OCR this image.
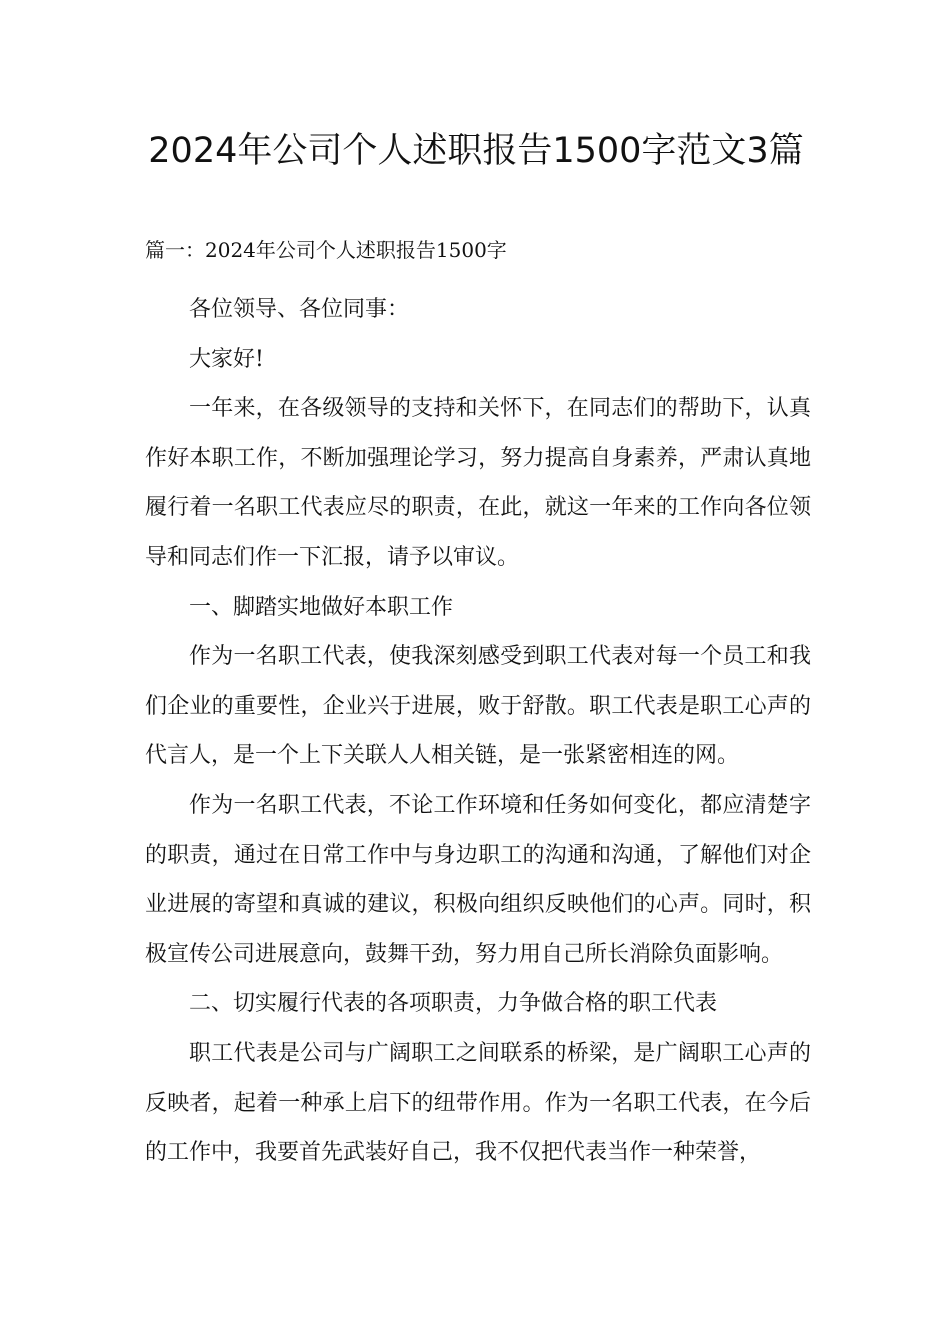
2024年公司个人述职报告1500字范文3篇
篇一：2024年公司个人述职报告1500字

各位领导、各位同事：

大家好!

一年来，在各级领导的支持和关怀下，在同志们的帮助下，认真作好本职工作，不断加强理论学习，努力提高自身素养，严肃认真地履行着一名职工代表应尽的职责，在此，就这一年来的工作向各位领导和同志们作一下汇报，请予以审议。

一、脚踏实地做好本职工作

作为一名职工代表，使我深刻感受到职工代表对每一个员工和我们企业的重要性，企业兴于进展，败于舒散。职工代表是职工心声的代言人，是一个上下关联人人相关链，是一张紧密相连的网。

作为一名职工代表，不论工作环境和任务如何变化，都应清楚字的职责，通过在日常工作中与身边职工的沟通和沟通，了解他们对企业进展的寄望和真诚的建议，积极向组织反映他们的心声。同时，积极宣传公司进展意向，鼓舞干劲，努力用自己所长消除负面影响。

二、切实履行代表的各项职责，力争做合格的职工代表

职工代表是公司与广阔职工之间联系的桥梁，是广阔职工心声的反映者，起着一种承上启下的纽带作用。作为一名职工代表，在今后的工作中，我要首先武装好自己，我不仅把代表当作一种荣誉，
